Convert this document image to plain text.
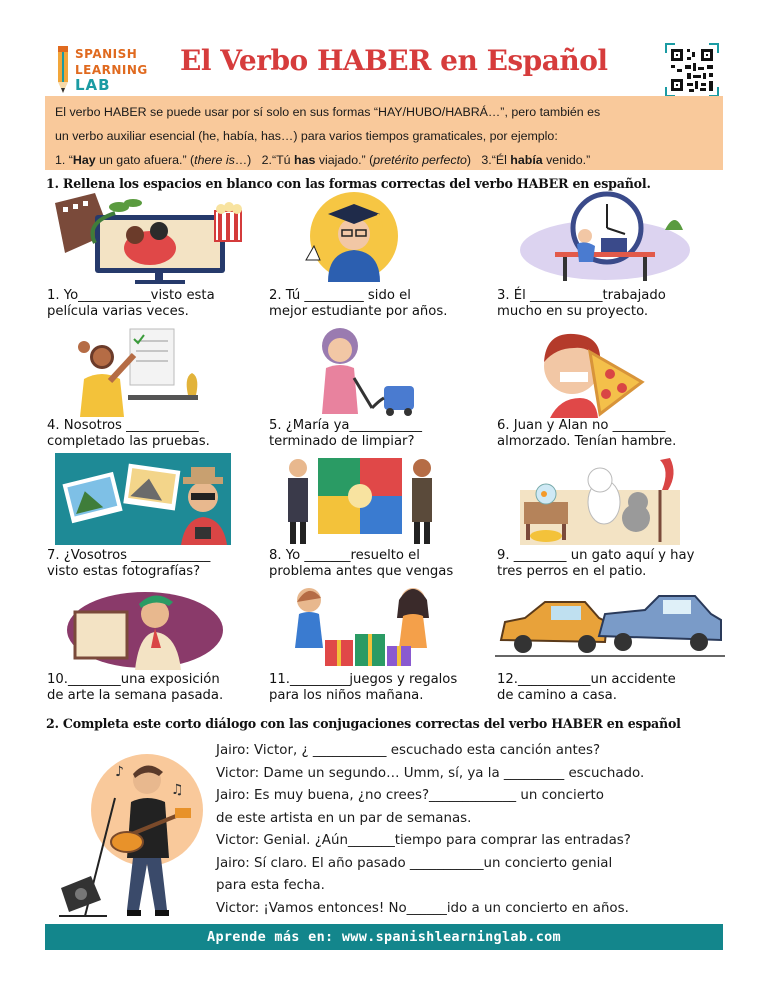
SPANISH
LEARNING
LAB
El Verbo HABER en Español
El verbo HABER se puede usar por sí solo en sus formas “HAY/HUBO/HABRÁ…”, pero también es
un verbo auxiliar esencial (he, había, has…) para varios tiempos gramaticales, por ejemplo:
1. “Hay un gato afuera.” (there is…) 2.“Tú has viajado.” (pretérito perfecto) 3.“Él había venido.”
1. Rellena los espacios en blanco con las formas correctas del verbo HABER en español.
1. Yo___________visto esta
película varias veces.
2. Tú _________ sido el
mejor estudiante por años.
3. Él ___________trabajado
mucho en su proyecto.
4. Nosotros ___________
completado las pruebas.
5. ¿María ya___________
terminado de limpiar?
6. Juan y Alan no ________
almorzado. Tenían hambre.
7. ¿Vosotros ____________
visto estas fotografías?
8. Yo _______resuelto el
problema antes que vengas
9. ________ un gato aquí y hay
tres perros en el patio.
10.________una exposición
de arte la semana pasada.
11._________juegos y regalos
para los niños mañana.
12.___________un accidente
de camino a casa.
2. Completa este corto diálogo con las conjugaciones correctas del verbo HABER en español
♪
♫
Jairo: Victor, ¿ ___________ escuchado esta canción antes?
Victor: Dame un segundo… Umm, sí, ya la _________ escuchado.
Jairo: Es muy buena, ¿no crees?_____________ un concierto
de este artista en un par de semanas.
Victor: Genial. ¿Aún_______tiempo para comprar las entradas?
Jairo: Sí claro. El año pasado ___________un concierto genial
para esta fecha.
Victor: ¡Vamos entonces! No______ido a un concierto en años.
Aprende más en: www.spanishlearninglab.com
